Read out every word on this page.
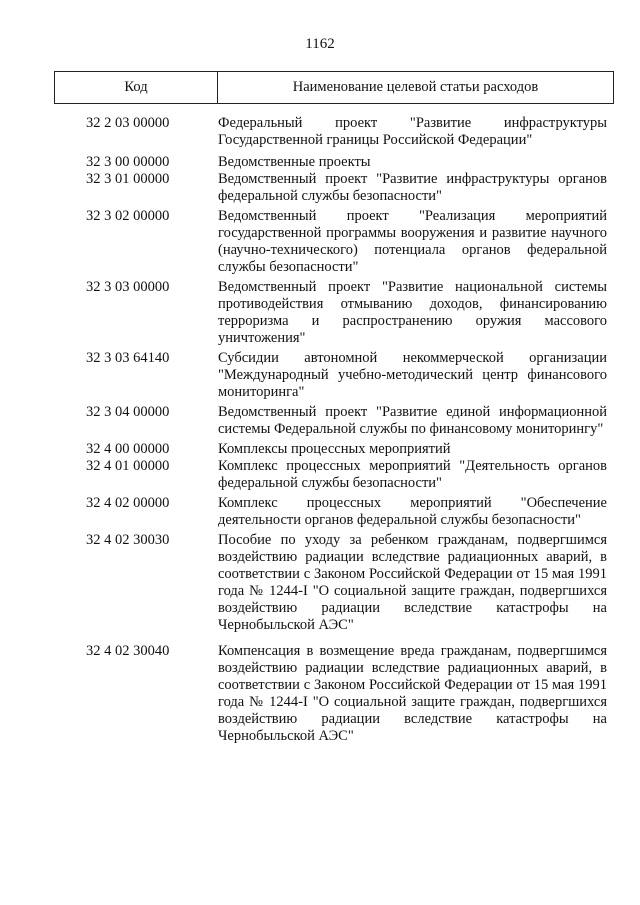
1162
Код	Наименование целевой статьи расходов
32 2 03 00000	Федеральный проект "Развитие инфраструктуры Государственной границы Российской Федерации"
32 3 00 00000	Ведомственные проекты
32 3 01 00000	Ведомственный проект "Развитие инфраструктуры органов федеральной службы безопасности"
32 3 02 00000	Ведомственный проект "Реализация мероприятий государственной программы вооружения и развитие научного (научно-технического) потенциала органов федеральной службы безопасности"
32 3 03 00000	Ведомственный проект "Развитие национальной системы противодействия отмыванию доходов, финансированию терроризма и распространению оружия массового уничтожения"
32 3 03 64140	Субсидии автономной некоммерческой организации "Международный учебно-методический центр финансового мониторинга"
32 3 04 00000	Ведомственный проект "Развитие единой информационной системы Федеральной службы по финансовому мониторингу"
32 4 00 00000	Комплексы процессных мероприятий
32 4 01 00000	Комплекс процессных мероприятий "Деятельность органов федеральной службы безопасности"
32 4 02 00000	Комплекс процессных мероприятий "Обеспечение деятельности органов федеральной службы безопасности"
32 4 02 30030	Пособие по уходу за ребенком гражданам, подвергшимся воздействию радиации вследствие радиационных аварий, в соответствии с Законом Российской Федерации от 15 мая 1991 года № 1244-I "О социальной защите граждан, подвергшихся воздействию радиации вследствие катастрофы на Чернобыльской АЭС"
32 4 02 30040	Компенсация в возмещение вреда гражданам, подвергшимся воздействию радиации вследствие радиационных аварий, в соответствии с Законом Российской Федерации от 15 мая 1991 года № 1244-I "О социальной защите граждан, подвергшихся воздействию радиации вследствие катастрофы на Чернобыльской АЭС"
